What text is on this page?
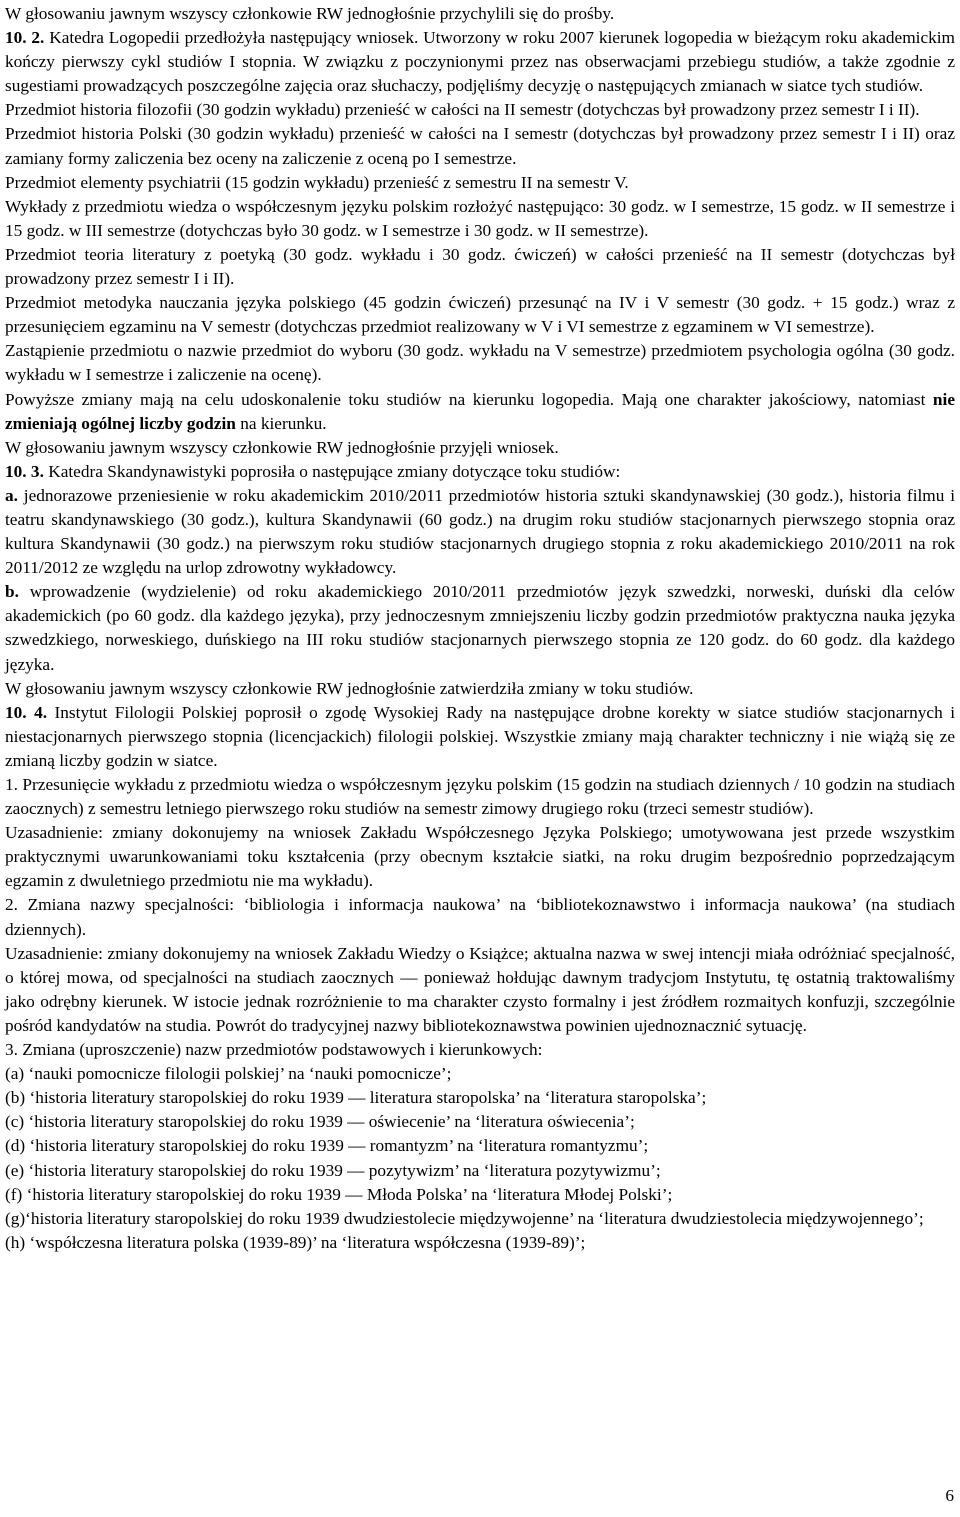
W głosowaniu jawnym wszyscy członkowie RW jednogłośnie przychylili się do prośby.

10. 2. Katedra Logopedii przedłożyła następujący wniosek. Utworzony w roku 2007 kierunek logopedia w bieżącym roku akademickim kończy pierwszy cykl studiów I stopnia. W związku z poczynionymi przez nas obserwacjami przebiegu studiów, a także zgodnie z sugestiami prowadzących poszczególne zajęcia oraz słuchaczy, podjęliśmy decyzję o następujących zmianach w siatce tych studiów.

Przedmiot historia filozofii (30 godzin wykładu) przenieść w całości na II semestr (dotychczas był prowadzony przez semestr I i II).

Przedmiot historia Polski (30 godzin wykładu) przenieść w całości na I semestr (dotychczas był prowadzony przez semestr I i II) oraz zamiany formy zaliczenia bez oceny na zaliczenie z oceną po I semestrze.

Przedmiot elementy psychiatrii (15 godzin wykładu) przenieść z semestru II na semestr V.

Wykłady z przedmiotu wiedza o współczesnym języku polskim rozłożyć następująco: 30 godz. w I semestrze, 15 godz. w II semestrze i 15 godz. w III semestrze (dotychczas było 30 godz. w I semestrze i 30 godz. w II semestrze).

Przedmiot teoria literatury z poetyką (30 godz. wykładu i 30 godz. ćwiczeń) w całości przenieść na II semestr (dotychczas był prowadzony przez semestr I i II).

Przedmiot metodyka nauczania języka polskiego (45 godzin ćwiczeń) przesunąć na IV i V semestr (30 godz. + 15 godz.) wraz z przesunięciem egzaminu na V semestr (dotychczas przedmiot realizowany w V i VI semestrze z egzaminem w VI semestrze).

Zastąpienie przedmiotu o nazwie przedmiot do wyboru (30 godz. wykładu na V semestrze) przedmiotem psychologia ogólna (30 godz. wykładu w I semestrze i zaliczenie na ocenę).

Powyższe zmiany mają na celu udoskonalenie toku studiów na kierunku logopedia. Mają one charakter jakościowy, natomiast nie zmieniają ogólnej liczby godzin na kierunku.

W głosowaniu jawnym wszyscy członkowie RW jednogłośnie przyjęli wniosek.

10. 3. Katedra Skandynawistyki poprosiła o następujące zmiany dotyczące toku studiów:

a. jednorazowe przeniesienie w roku akademickim 2010/2011 przedmiotów historia sztuki skandynawskiej (30 godz.), historia filmu i teatru skandynawskiego (30 godz.), kultura Skandynawii (60 godz.) na drugim roku studiów stacjonarnych pierwszego stopnia oraz kultura Skandynawii (30 godz.) na pierwszym roku studiów stacjonarnych drugiego stopnia z roku akademickiego 2010/2011 na rok 2011/2012 ze względu na urlop zdrowotny wykładowcy.

b. wprowadzenie (wydzielenie) od roku akademickiego 2010/2011 przedmiotów język szwedzki, norweski, duński dla celów akademickich (po 60 godz. dla każdego języka), przy jednoczesnym zmniejszeniu liczby godzin przedmiotów praktyczna nauka języka szwedzkiego, norweskiego, duńskiego na III roku studiów stacjonarnych pierwszego stopnia ze 120 godz. do 60 godz. dla każdego języka.

W głosowaniu jawnym wszyscy członkowie RW jednogłośnie zatwierdziła zmiany w toku studiów.

10. 4. Instytut Filologii Polskiej poprosił o zgodę Wysokiej Rady na następujące drobne korekty w siatce studiów stacjonarnych i niestacjonarnych pierwszego stopnia (licencjackich) filologii polskiej. Wszystkie zmiany mają charakter techniczny i nie wiążą się ze zmianą liczby godzin w siatce.

1. Przesunięcie wykładu z przedmiotu wiedza o współczesnym języku polskim (15 godzin na studiach dziennych / 10 godzin na studiach zaocznych) z semestru letniego pierwszego roku studiów na semestr zimowy drugiego roku (trzeci semestr studiów).

Uzasadnienie: zmiany dokonujemy na wniosek Zakładu Współczesnego Języka Polskiego; umotywowana jest przede wszystkim praktycznymi uwarunkowaniami toku kształcenia (przy obecnym kształcie siatki, na roku drugim bezpośrednio poprzedzającym egzamin z dwuletniego przedmiotu nie ma wykładu).

2. Zmiana nazwy specjalności: ‘bibliologia i informacja naukowa’ na ‘bibliotekoznawstwo i informacja naukowa’ (na studiach dziennych).

Uzasadnienie: zmiany dokonujemy na wniosek Zakładu Wiedzy o Książce; aktualna nazwa w swej intencji miała odróżniać specjalność, o której mowa, od specjalności na studiach zaocznych — ponieważ hołdując dawnym tradycjom Instytutu, tę ostatnią traktowaliśmy jako odrębny kierunek. W istocie jednak rozróżnienie to ma charakter czysto formalny i jest źródłem rozmaitych konfuzji, szczególnie pośród kandydatów na studia. Powrót do tradycyjnej nazwy bibliotekoznawstwa powinien ujednoznacznić sytuację.

3. Zmiana (uproszczenie) nazw przedmiotów podstawowych i kierunkowych:

(a) ‘nauki pomocnicze filologii polskiej’ na ‘nauki pomocnicze’;

(b) ‘historia literatury staropolskiej do roku 1939 — literatura staropolska’ na ‘literatura staropolska’;

(c) ‘historia literatury staropolskiej do roku 1939 — oświecenie’ na ‘literatura oświecenia’;

(d) ‘historia literatury staropolskiej do roku 1939 — romantyzm’ na ‘literatura romantyzmu’;

(e) ‘historia literatury staropolskiej do roku 1939 — pozytywizm’ na ‘literatura pozytywizmu’;

(f) ‘historia literatury staropolskiej do roku 1939 — Młoda Polska’ na ‘literatura Młodej Polski’;

(g)‘historia literatury staropolskiej do roku 1939 dwudziestolecie międzywojenne’ na ‘literatura dwudziestolecia międzywojennego’;

(h) ‘współczesna literatura polska (1939-89)’ na ‘literatura współczesna (1939-89)’;

6
